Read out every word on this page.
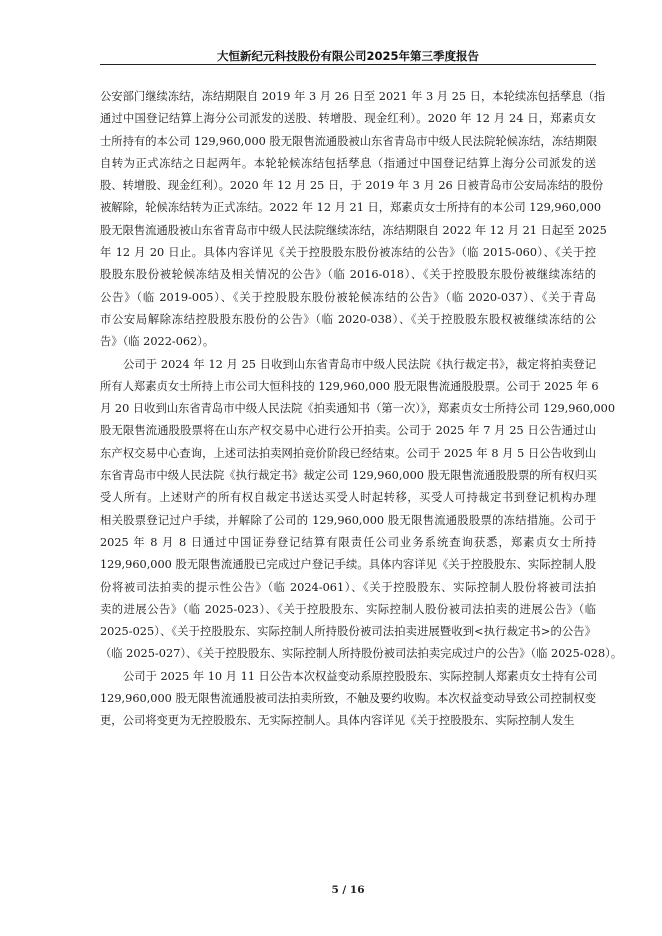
大恒新纪元科技股份有限公司2025年第三季度报告
公安部门继续冻结，冻结期限自 2019 年 3 月 26 日至 2021 年 3 月 25 日，本轮续冻包括孳息（指
通过中国登记结算上海分公司派发的送股、转增股、现金红利）。2020 年 12 月 24 日，郑素贞女
士所持有的本公司 129,960,000 股无限售流通股被山东省青岛市中级人民法院轮候冻结，冻结期限
自转为正式冻结之日起两年。本轮轮候冻结包括孳息（指通过中国登记结算上海分公司派发的送
股、转增股、现金红利）。2020 年 12 月 25 日，于 2019 年 3 月 26 日被青岛市公安局冻结的股份
被解除，轮候冻结转为正式冻结。2022 年 12 月 21 日，郑素贞女士所持有的本公司 129,960,000
股无限售流通股被山东省青岛市中级人民法院继续冻结，冻结期限自 2022 年 12 月 21 日起至 2025
年 12 月 20 日止。具体内容详见《关于控股股东股份被冻结的公告》（临 2015-060）、《关于控
股股东股份被轮候冻结及相关情况的公告》（临 2016-018）、《关于控股股东股份被继续冻结的
公告》（临 2019-005）、《关于控股股东股份被轮候冻结的公告》（临 2020-037）、《关于青岛
市公安局解除冻结控股股东股份的公告》（临 2020-038）、《关于控股股东股权被继续冻结的公
告》（临 2022-062）。
公司于 2024 年 12 月 25 日收到山东省青岛市中级人民法院《执行裁定书》，裁定将拍卖登记
所有人郑素贞女士所持上市公司大恒科技的 129,960,000 股无限售流通股股票。公司于 2025 年 6
月 20 日收到山东省青岛市中级人民法院《拍卖通知书（第一次）》，郑素贞女士所持公司 129,960,000
股无限售流通股股票将在山东产权交易中心进行公开拍卖。公司于 2025 年 7 月 25 日公告通过山
东产权交易中心查询，上述司法拍卖网拍竞价阶段已经结束。公司于 2025 年 8 月 5 日公告收到山
东省青岛市中级人民法院《执行裁定书》裁定公司 129,960,000 股无限售流通股股票的所有权归买
受人所有。上述财产的所有权自裁定书送达买受人时起转移，买受人可持裁定书到登记机构办理
相关股票登记过户手续，并解除了公司的 129,960,000 股无限售流通股股票的冻结措施。公司于
2025 年 8 月 8 日通过中国证券登记结算有限责任公司业务系统查询获悉，郑素贞女士所持
129,960,000 股无限售流通股已完成过户登记手续。具体内容详见《关于控股股东、实际控制人股
份将被司法拍卖的提示性公告》（临 2024-061）、《关于控股股东、实际控制人股份将被司法拍
卖的进展公告》（临 2025-023）、《关于控股股东、实际控制人股份被司法拍卖的进展公告》（临
2025-025）、《关于控股股东、实际控制人所持股份被司法拍卖进展暨收到<执行裁定书>的公告》
（临 2025-027）、《关于控股股东、实际控制人所持股份被司法拍卖完成过户的公告》（临 2025-028）。
公司于 2025 年 10 月 11 日公告本次权益变动系原控股股东、实际控制人郑素贞女士持有公司
129,960,000 股无限售流通股被司法拍卖所致，不触及要约收购。本次权益变动导致公司控制权变
更，公司将变更为无控股股东、无实际控制人。具体内容详见《关于控股股东、实际控制人发生
5 / 16
